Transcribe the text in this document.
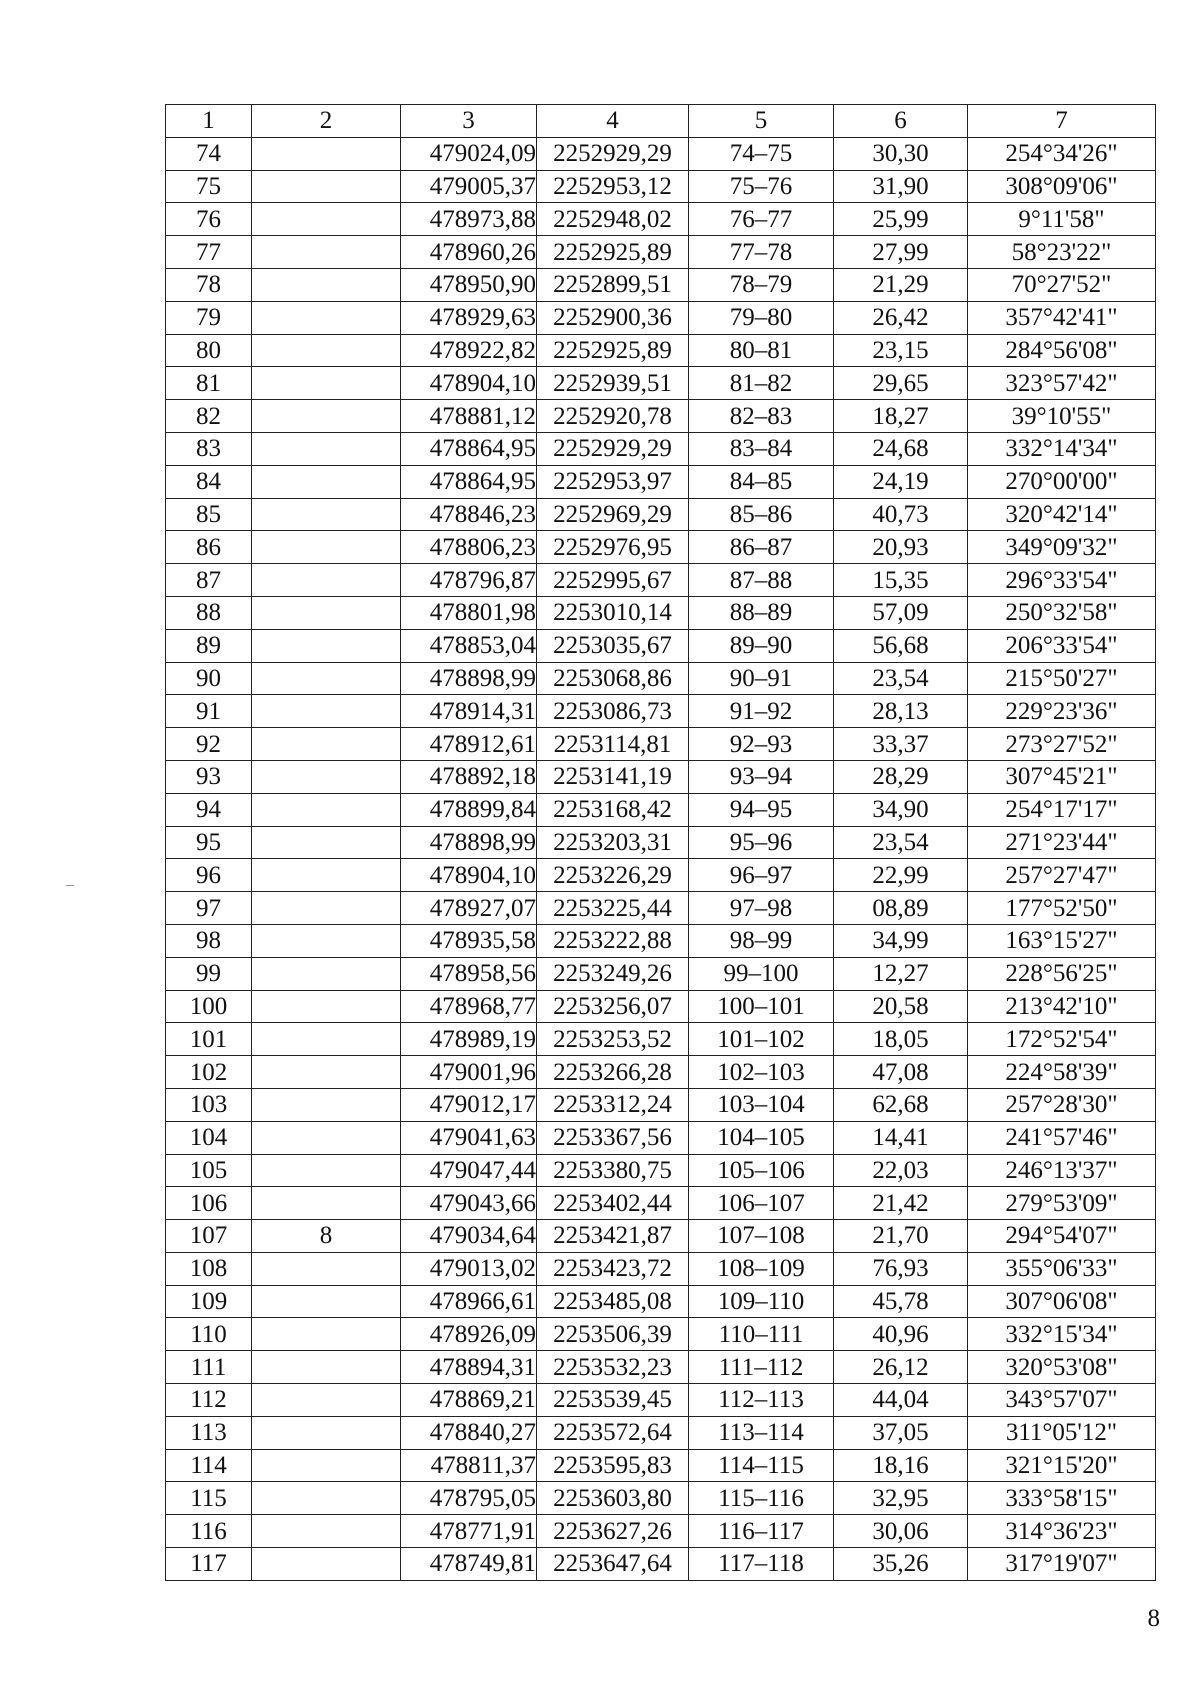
1	2	3	4	5	6	7
74		479024,09	2252929,29	74–75	30,30	254°34'26"
75		479005,37	2252953,12	75–76	31,90	308°09'06"
76		478973,88	2252948,02	76–77	25,99	9°11'58"
77		478960,26	2252925,89	77–78	27,99	58°23'22"
78		478950,90	2252899,51	78–79	21,29	70°27'52"
79		478929,63	2252900,36	79–80	26,42	357°42'41"
80		478922,82	2252925,89	80–81	23,15	284°56'08"
81		478904,10	2252939,51	81–82	29,65	323°57'42"
82		478881,12	2252920,78	82–83	18,27	39°10'55"
83		478864,95	2252929,29	83–84	24,68	332°14'34"
84		478864,95	2252953,97	84–85	24,19	270°00'00"
85		478846,23	2252969,29	85–86	40,73	320°42'14"
86		478806,23	2252976,95	86–87	20,93	349°09'32"
87		478796,87	2252995,67	87–88	15,35	296°33'54"
88		478801,98	2253010,14	88–89	57,09	250°32'58"
89		478853,04	2253035,67	89–90	56,68	206°33'54"
90		478898,99	2253068,86	90–91	23,54	215°50'27"
91		478914,31	2253086,73	91–92	28,13	229°23'36"
92		478912,61	2253114,81	92–93	33,37	273°27'52"
93		478892,18	2253141,19	93–94	28,29	307°45'21"
94		478899,84	2253168,42	94–95	34,90	254°17'17"
95		478898,99	2253203,31	95–96	23,54	271°23'44"
96		478904,10	2253226,29	96–97	22,99	257°27'47"
97		478927,07	2253225,44	97–98	08,89	177°52'50"
98		478935,58	2253222,88	98–99	34,99	163°15'27"
99		478958,56	2253249,26	99–100	12,27	228°56'25"
100		478968,77	2253256,07	100–101	20,58	213°42'10"
101		478989,19	2253253,52	101–102	18,05	172°52'54"
102		479001,96	2253266,28	102–103	47,08	224°58'39"
103		479012,17	2253312,24	103–104	62,68	257°28'30"
104		479041,63	2253367,56	104–105	14,41	241°57'46"
105		479047,44	2253380,75	105–106	22,03	246°13'37"
106		479043,66	2253402,44	106–107	21,42	279°53'09"
107	8	479034,64	2253421,87	107–108	21,70	294°54'07"
108		479013,02	2253423,72	108–109	76,93	355°06'33"
109		478966,61	2253485,08	109–110	45,78	307°06'08"
110		478926,09	2253506,39	110–111	40,96	332°15'34"
111		478894,31	2253532,23	111–112	26,12	320°53'08"
112		478869,21	2253539,45	112–113	44,04	343°57'07"
113		478840,27	2253572,64	113–114	37,05	311°05'12"
114		478811,37	2253595,83	114–115	18,16	321°15'20"
115		478795,05	2253603,80	115–116	32,95	333°58'15"
116		478771,91	2253627,26	116–117	30,06	314°36'23"
117		478749,81	2253647,64	117–118	35,26	317°19'07"
8
